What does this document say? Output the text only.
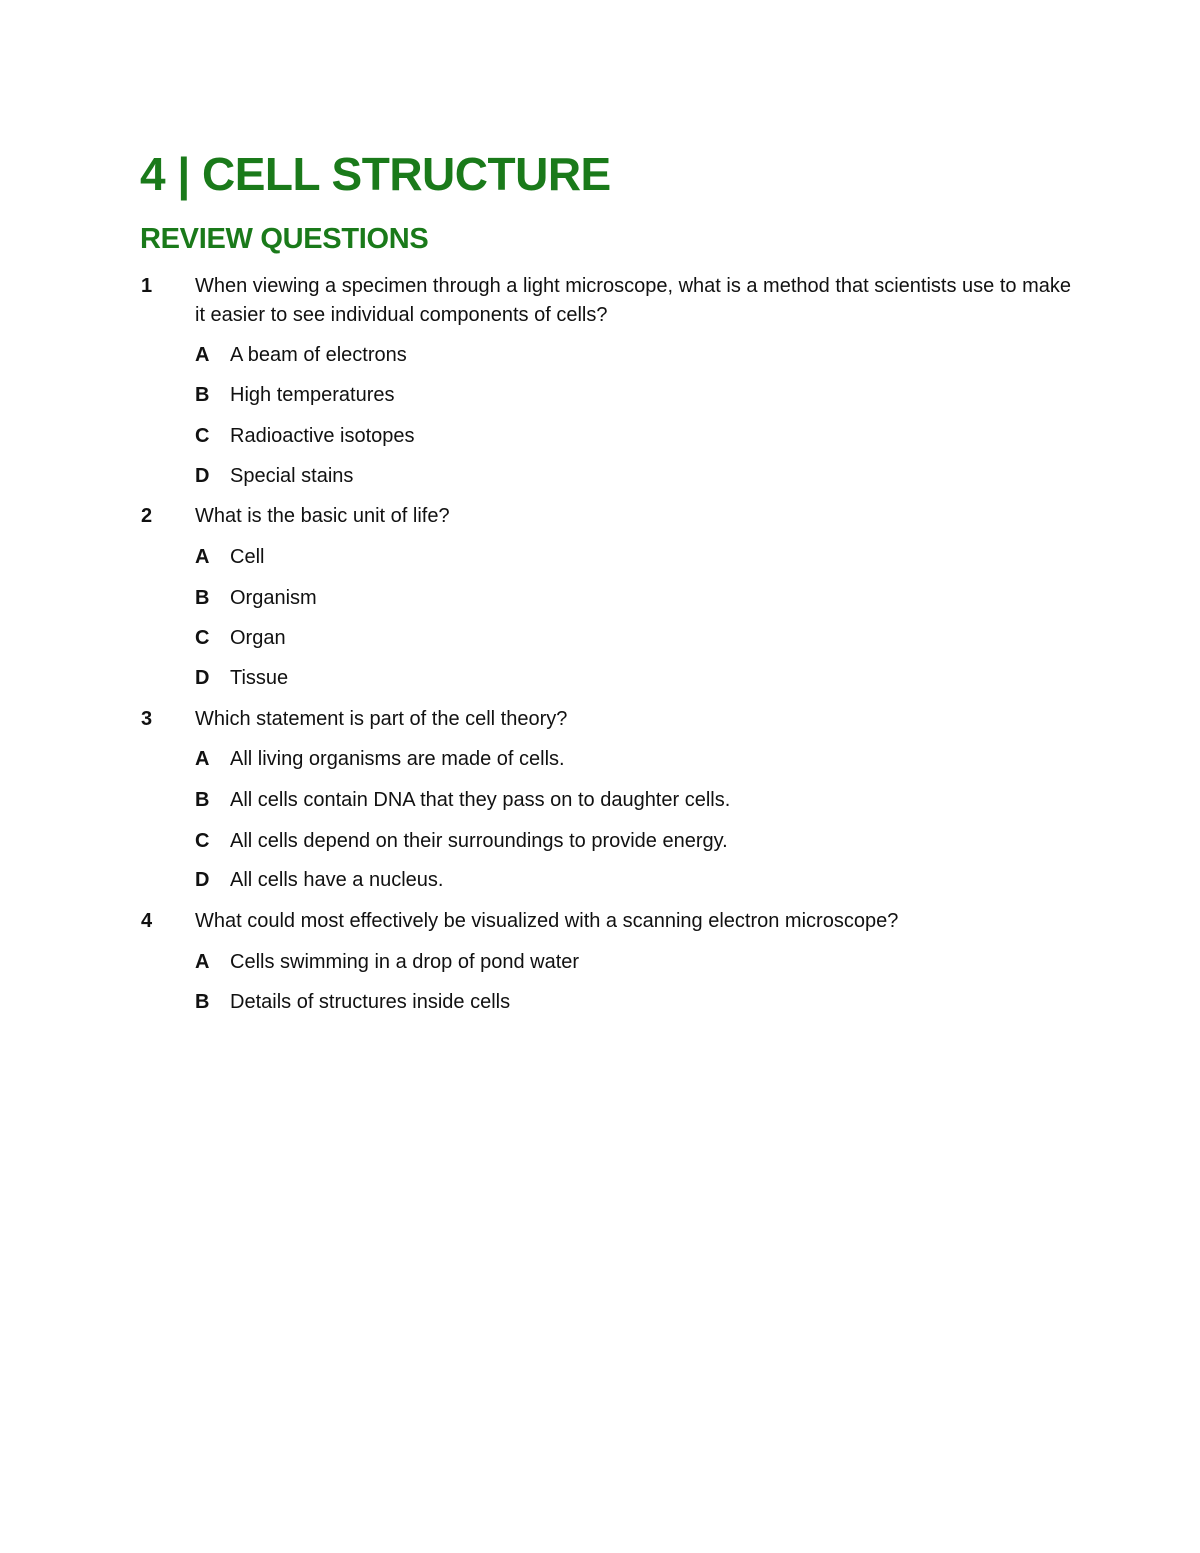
4 | CELL STRUCTURE
REVIEW QUESTIONS
1 When viewing a specimen through a light microscope, what is a method that scientists use to make it easier to see individual components of cells?
A A beam of electrons
B High temperatures
C Radioactive isotopes
D Special stains
2 What is the basic unit of life?
A Cell
B Organism
C Organ
D Tissue
3 Which statement is part of the cell theory?
A All living organisms are made of cells.
B All cells contain DNA that they pass on to daughter cells.
C All cells depend on their surroundings to provide energy.
D All cells have a nucleus.
4 What could most effectively be visualized with a scanning electron microscope?
A Cells swimming in a drop of pond water
B Details of structures inside cells
